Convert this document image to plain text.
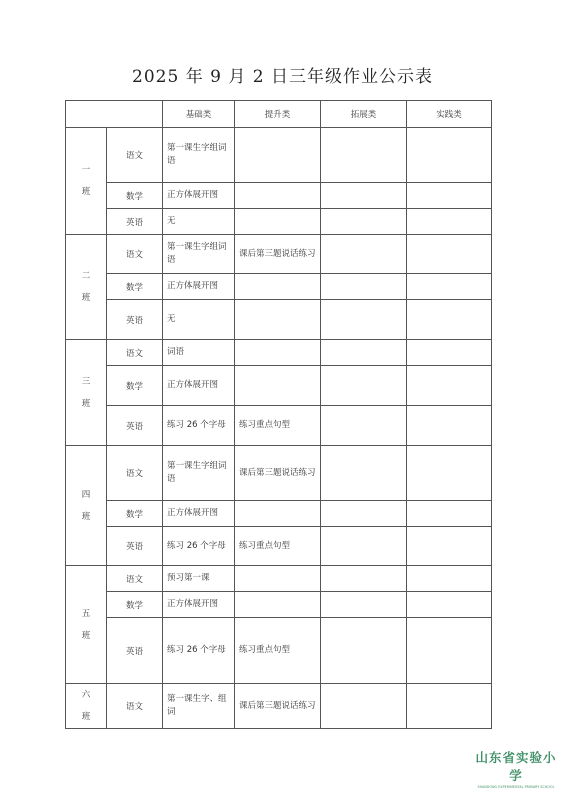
2025 年 9 月 2 日三年级作业公示表
		基础类	提升类	拓展类	实践类
一
班	语文	第一课生字组词语			
	数学	正方体展开图			
	英语	无			
二
班	语文	第一课生字组词语	课后第三题说话练习		
	数学	正方体展开图			
	英语	无			
三
班	语文	词语			
	数学	正方体展开图			
	英语	练习 26 个字母	练习重点句型		
四
班	语文	第一课生字组词语	课后第三题说话练习		
	数学	正方体展开图			
	英语	练习 26 个字母	练习重点句型		
五
班	语文	预习第一课			
	数学	正方体展开图			
	英语	练习 26 个字母	练习重点句型		
六
班	语文	第一课生字、组词	课后第三题说话练习		
山东省实验小学
SHANDONG EXPERIMENTAL PRIMARY SCHOOL
